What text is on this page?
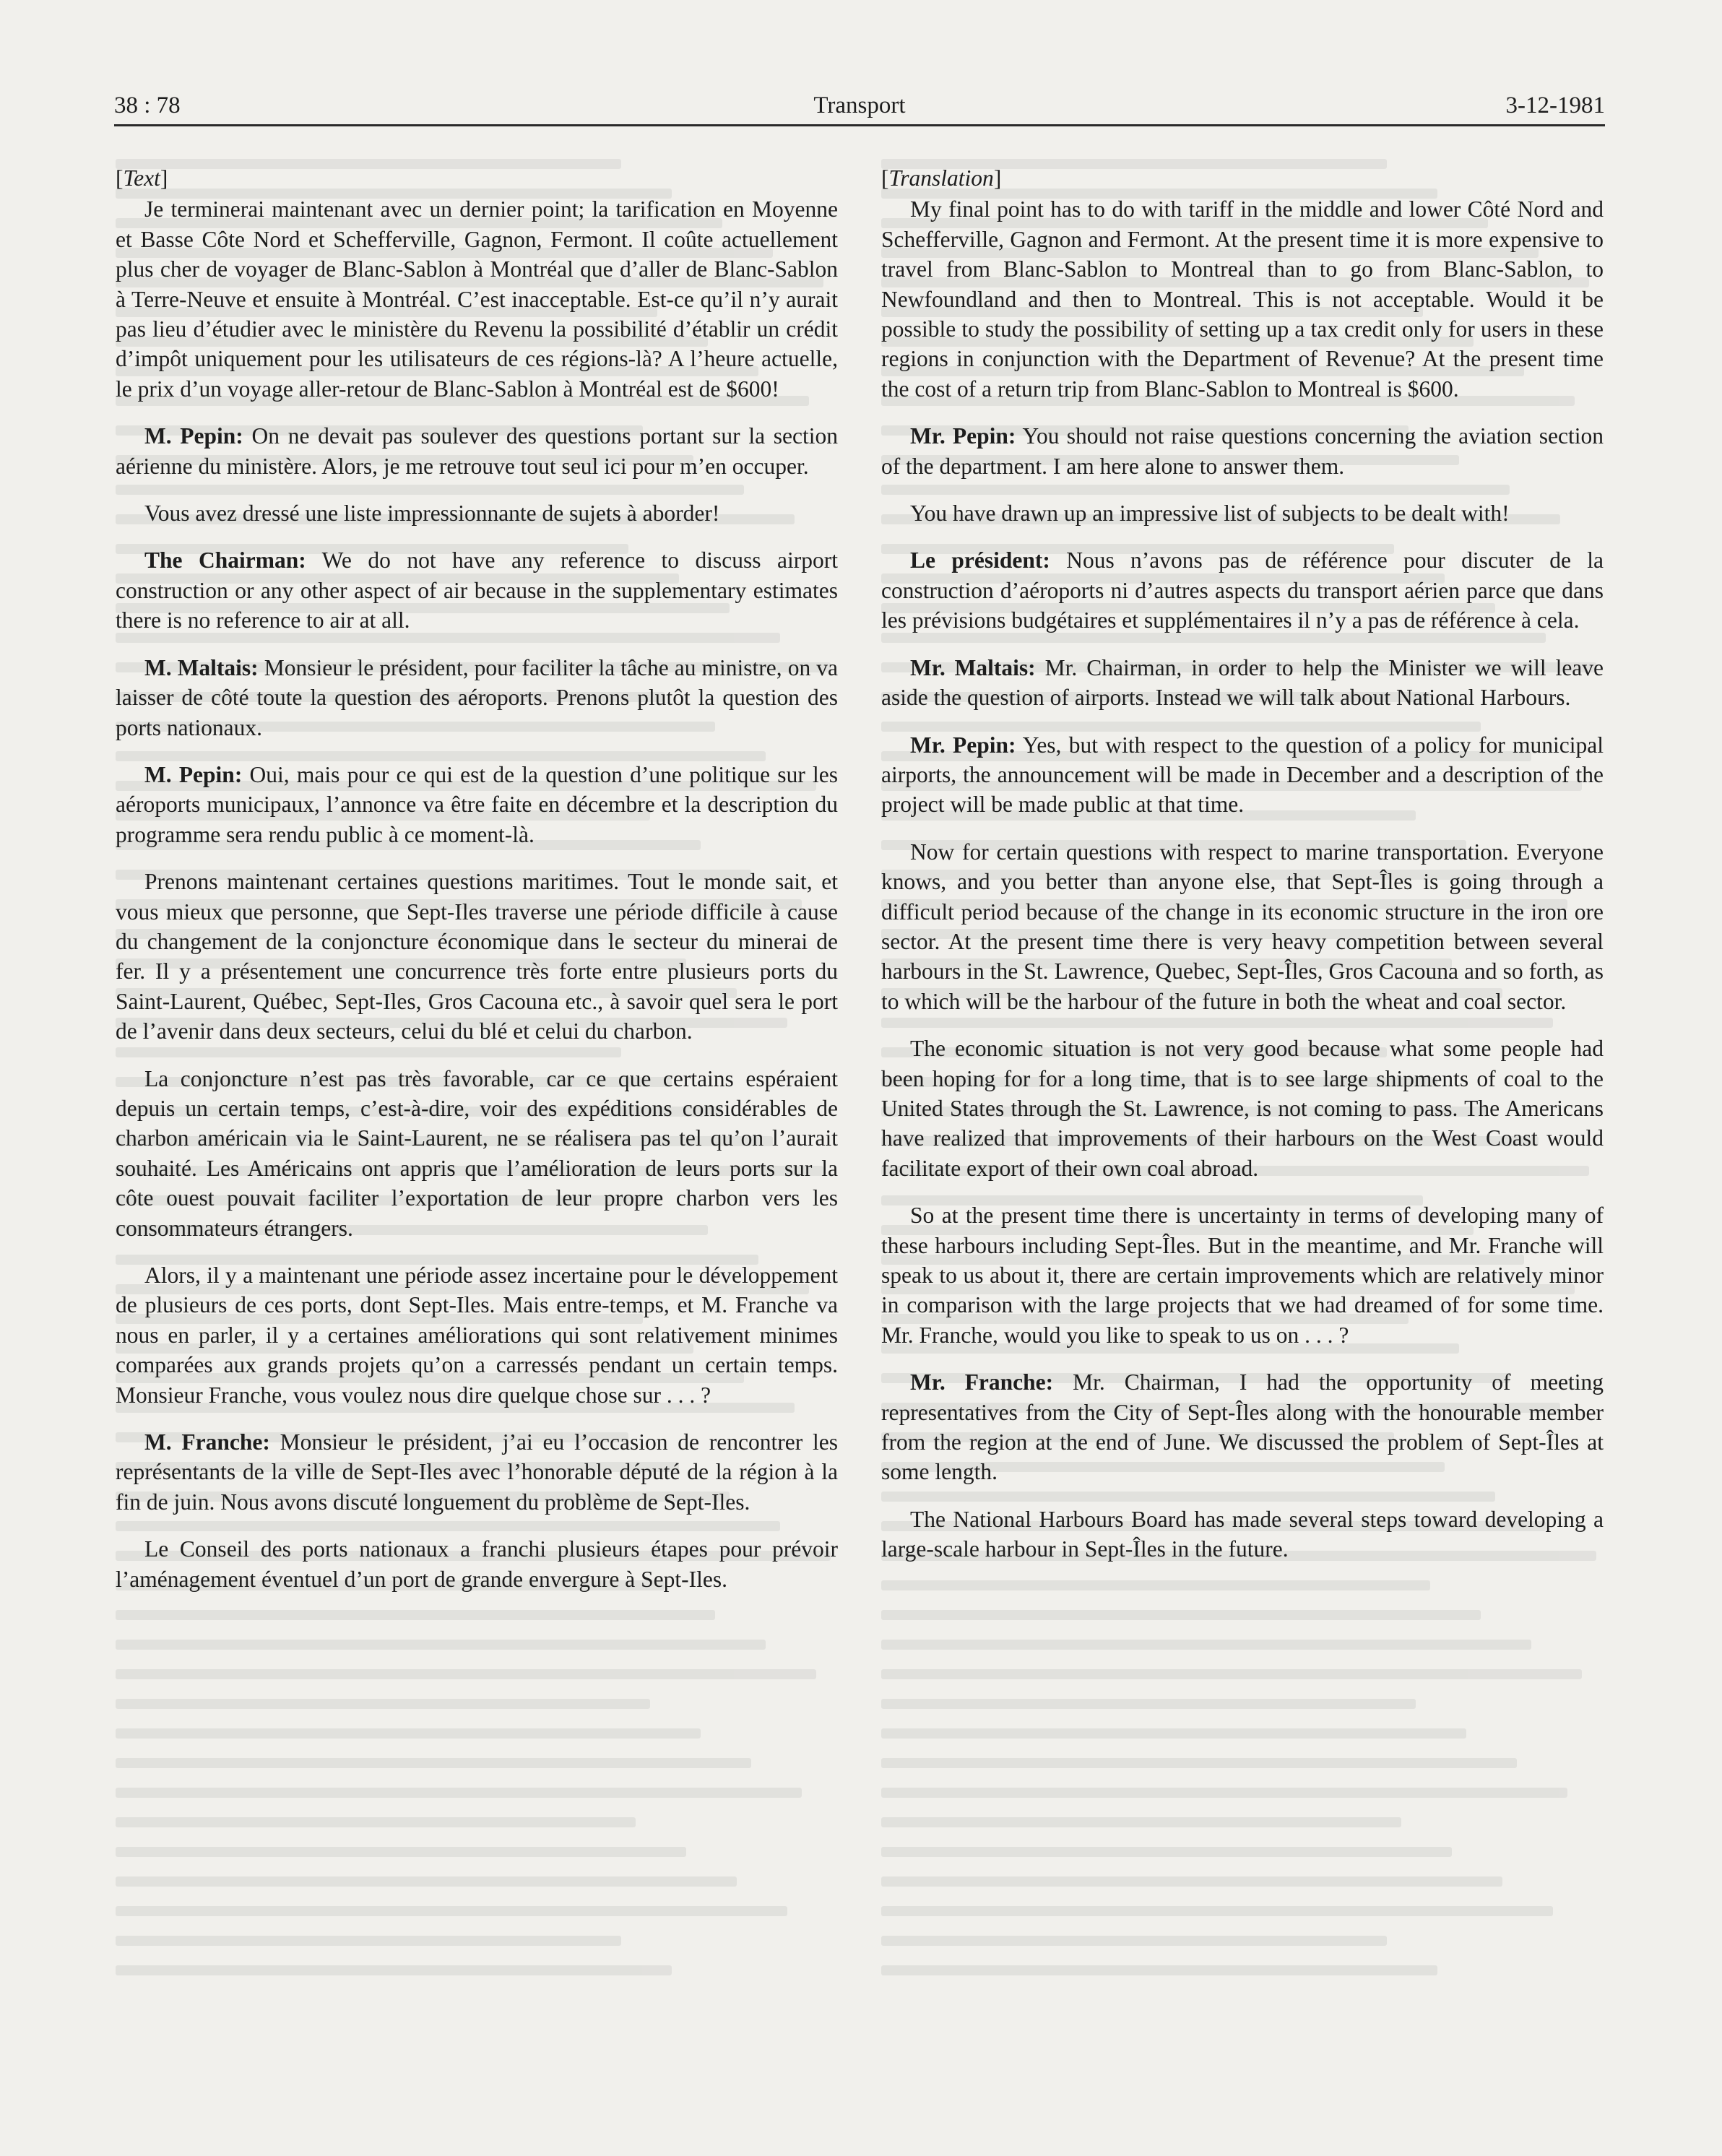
38 : 78	Transport	3-12-1981

[Text]

Je terminerai maintenant avec un dernier point; la tarification en Moyenne et Basse Côte Nord et Schefferville, Gagnon, Fermont. Il coûte actuellement plus cher de voyager de Blanc-Sablon à Montréal que d’aller de Blanc-Sablon à Terre-Neuve et ensuite à Montréal. C’est inacceptable. Est-ce qu’il n’y aurait pas lieu d’étudier avec le ministère du Revenu la possibilité d’établir un crédit d’impôt uniquement pour les utilisateurs de ces régions-là? A l’heure actuelle, le prix d’un voyage aller-retour de Blanc-Sablon à Montréal est de $600!

M. Pepin: On ne devait pas soulever des questions portant sur la section aérienne du ministère. Alors, je me retrouve tout seul ici pour m’en occuper.

Vous avez dressé une liste impressionnante de sujets à aborder!

The Chairman: We do not have any reference to discuss airport construction or any other aspect of air because in the supplementary estimates there is no reference to air at all.

M. Maltais: Monsieur le président, pour faciliter la tâche au ministre, on va laisser de côté toute la question des aéroports. Prenons plutôt la question des ports nationaux.

M. Pepin: Oui, mais pour ce qui est de la question d’une politique sur les aéroports municipaux, l’annonce va être faite en décembre et la description du programme sera rendu public à ce moment-là.

Prenons maintenant certaines questions maritimes. Tout le monde sait, et vous mieux que personne, que Sept-Iles traverse une période difficile à cause du changement de la conjoncture économique dans le secteur du minerai de fer. Il y a présentement une concurrence très forte entre plusieurs ports du Saint-Laurent, Québec, Sept-Iles, Gros Cacouna etc., à savoir quel sera le port de l’avenir dans deux secteurs, celui du blé et celui du charbon.

La conjoncture n’est pas très favorable, car ce que certains espéraient depuis un certain temps, c’est-à-dire, voir des expéditions considérables de charbon américain via le Saint-Laurent, ne se réalisera pas tel qu’on l’aurait souhaité. Les Américains ont appris que l’amélioration de leurs ports sur la côte ouest pouvait faciliter l’exportation de leur propre charbon vers les consommateurs étrangers.

Alors, il y a maintenant une période assez incertaine pour le développement de plusieurs de ces ports, dont Sept-Iles. Mais entre-temps, et M. Franche va nous en parler, il y a certaines améliorations qui sont relativement minimes comparées aux grands projets qu’on a carressés pendant un certain temps. Monsieur Franche, vous voulez nous dire quelque chose sur . . . ?

M. Franche: Monsieur le président, j’ai eu l’occasion de rencontrer les représentants de la ville de Sept-Iles avec l’honorable député de la région à la fin de juin. Nous avons discuté longuement du problème de Sept-Iles.

Le Conseil des ports nationaux a franchi plusieurs étapes pour prévoir l’aménagement éventuel d’un port de grande envergure à Sept-Iles.

[Translation]

My final point has to do with tariff in the middle and lower Côté Nord and Schefferville, Gagnon and Fermont. At the present time it is more expensive to travel from Blanc-Sablon to Montreal than to go from Blanc-Sablon, to Newfoundland and then to Montreal. This is not acceptable. Would it be possible to study the possibility of setting up a tax credit only for users in these regions in conjunction with the Department of Revenue? At the present time the cost of a return trip from Blanc-Sablon to Montreal is $600.

Mr. Pepin: You should not raise questions concerning the aviation section of the department. I am here alone to answer them.

You have drawn up an impressive list of subjects to be dealt with!

Le président: Nous n’avons pas de référence pour discuter de la construction d’aéroports ni d’autres aspects du transport aérien parce que dans les prévisions budgétaires et supplémentaires il n’y a pas de référence à cela.

Mr. Maltais: Mr. Chairman, in order to help the Minister we will leave aside the question of airports. Instead we will talk about National Harbours.

Mr. Pepin: Yes, but with respect to the question of a policy for municipal airports, the announcement will be made in December and a description of the project will be made public at that time.

Now for certain questions with respect to marine transportation. Everyone knows, and you better than anyone else, that Sept-Îles is going through a difficult period because of the change in its economic structure in the iron ore sector. At the present time there is very heavy competition between several harbours in the St. Lawrence, Quebec, Sept-Îles, Gros Cacouna and so forth, as to which will be the harbour of the future in both the wheat and coal sector.

The economic situation is not very good because what some people had been hoping for for a long time, that is to see large shipments of coal to the United States through the St. Lawrence, is not coming to pass. The Americans have realized that improvements of their harbours on the West Coast would facilitate export of their own coal abroad.

So at the present time there is uncertainty in terms of developing many of these harbours including Sept-Îles. But in the meantime, and Mr. Franche will speak to us about it, there are certain improvements which are relatively minor in comparison with the large projects that we had dreamed of for some time. Mr. Franche, would you like to speak to us on . . . ?

Mr. Franche: Mr. Chairman, I had the opportunity of meeting representatives from the City of Sept-Îles along with the honourable member from the region at the end of June. We discussed the problem of Sept-Îles at some length.

The National Harbours Board has made several steps toward developing a large-scale harbour in Sept-Îles in the future.
